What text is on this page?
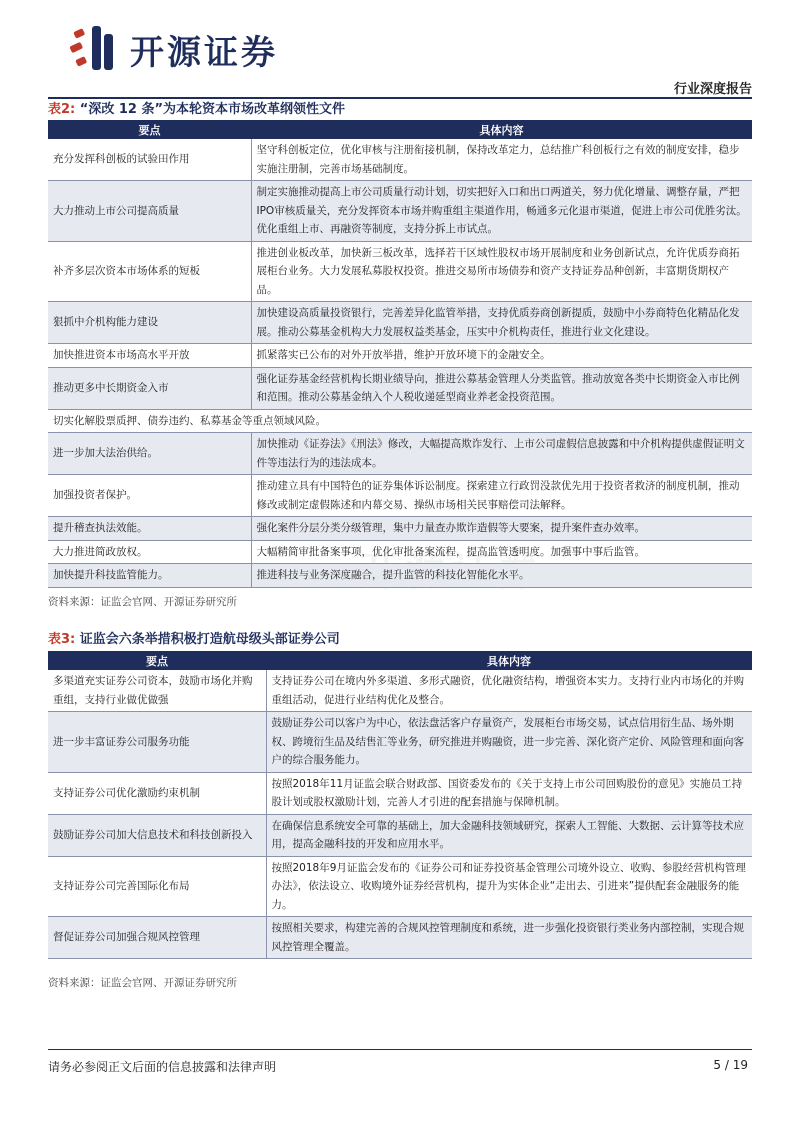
开源证券
行业深度报告
表2: “深改 12 条”为本轮资本市场改革纲领性文件
要点	具体内容
充分发挥科创板的试验田作用	坚守科创板定位，优化审核与注册衔接机制，保持改革定力，总结推广科创板行之有效的制度安排，稳步实施注册制，完善市场基础制度。
大力推动上市公司提高质量	制定实施推动提高上市公司质量行动计划，切实把好入口和出口两道关，努力优化增量、调整存量，严把IPO审核质量关，充分发挥资本市场并购重组主渠道作用，畅通多元化退市渠道，促进上市公司优胜劣汰。优化重组上市、再融资等制度，支持分拆上市试点。
补齐多层次资本市场体系的短板	推进创业板改革，加快新三板改革，选择若干区域性股权市场开展制度和业务创新试点，允许优质券商拓展柜台业务。大力发展私募股权投资。推进交易所市场债券和资产支持证券品种创新，丰富期货期权产品。
狠抓中介机构能力建设	加快建设高质量投资银行，完善差异化监管举措，支持优质券商创新提质，鼓励中小券商特色化精品化发展。推动公募基金机构大力发展权益类基金，压实中介机构责任，推进行业文化建设。
加快推进资本市场高水平开放	抓紧落实已公布的对外开放举措，维护开放环境下的金融安全。
推动更多中长期资金入市	强化证券基金经营机构长期业绩导向，推进公募基金管理人分类监管。推动放宽各类中长期资金入市比例和范围。推动公募基金纳入个人税收递延型商业养老金投资范围。
切实化解股票质押、债券违约、私募基金等重点领域风险。	
进一步加大法治供给。	加快推动《证券法》《刑法》修改，大幅提高欺诈发行、上市公司虚假信息披露和中介机构提供虚假证明文件等违法行为的违法成本。
加强投资者保护。	推动建立具有中国特色的证券集体诉讼制度。探索建立行政罚没款优先用于投资者救济的制度机制，推动修改或制定虚假陈述和内幕交易、操纵市场相关民事赔偿司法解释。
提升稽查执法效能。	强化案件分层分类分级管理，集中力量查办欺诈造假等大要案，提升案件查办效率。
大力推进简政放权。	大幅精简审批备案事项，优化审批备案流程，提高监管透明度。加强事中事后监管。
加快提升科技监管能力。	推进科技与业务深度融合，提升监管的科技化智能化水平。
资料来源：证监会官网、开源证券研究所
表3: 证监会六条举措积极打造航母级头部证券公司
要点	具体内容
多渠道充实证券公司资本，鼓励市场化并购重组，支持行业做优做强	支持证券公司在境内外多渠道、多形式融资，优化融资结构，增强资本实力。支持行业内市场化的并购重组活动，促进行业结构优化及整合。
进一步丰富证券公司服务功能	鼓励证券公司以客户为中心，依法盘活客户存量资产，发展柜台市场交易，试点信用衍生品、场外期权、跨境衍生品及结售汇等业务，研究推进并购融资，进一步完善、深化资产定价、风险管理和面向客户的综合服务能力。
支持证券公司优化激励约束机制	按照2018年11月证监会联合财政部、国资委发布的《关于支持上市公司回购股份的意见》实施员工持股计划或股权激励计划，完善人才引进的配套措施与保障机制。
鼓励证券公司加大信息技术和科技创新投入	在确保信息系统安全可靠的基础上，加大金融科技领域研究，探索人工智能、大数据、云计算等技术应用，提高金融科技的开发和应用水平。
支持证券公司完善国际化布局	按照2018年9月证监会发布的《证券公司和证券投资基金管理公司境外设立、收购、参股经营机构管理办法》，依法设立、收购境外证券经营机构，提升为实体企业“走出去、引进来”提供配套金融服务的能力。
督促证券公司加强合规风控管理	按照相关要求，构建完善的合规风控管理制度和系统，进一步强化投资银行类业务内部控制，实现合规风控管理全覆盖。
资料来源：证监会官网、开源证券研究所
请务必参阅正文后面的信息披露和法律声明	5 / 19
